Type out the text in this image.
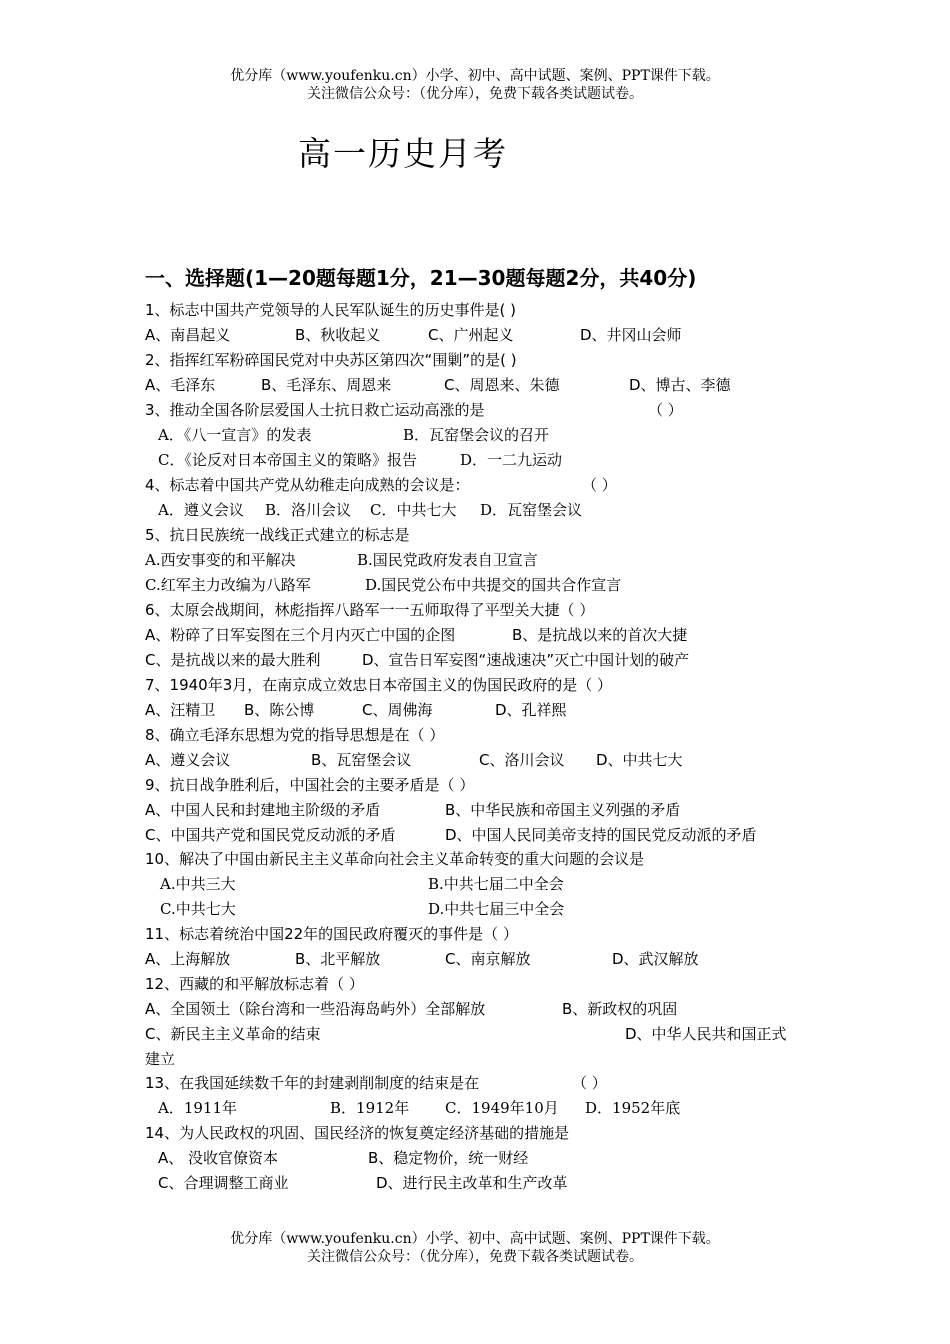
优分库（www.youfenku.cn）小学、初中、高中试题、案例、PPT课件下载。
关注微信公众号：（优分库），免费下载各类试题试卷。
高一历史月考
一、选择题(1—20题每题1分，21—30题每题2分，共40分)
1、标志中国共产党领导的人民军队诞生的历史事件是( )
A、南昌起义	B、秋收起义	C、广州起义	D、井冈山会师
2、指挥红军粉碎国民党对中央苏区第四次“围剿”的是( )
A、毛泽东	B、毛泽东、周恩来	C、周恩来、朱德	D、博古、李德
3、推动全国各阶层爱国人士抗日救亡运动高涨的是	（ ）
A．《八一宣言》的发表	B．瓦窑堡会议的召开
C．《论反对日本帝国主义的策略》报告	D．一二九运动
4、标志着中国共产党从幼稚走向成熟的会议是：	（ ）
A．遵义会议 B．洛川会议 C．中共七大 D．瓦窑堡会议
5、抗日民族统一战线正式建立的标志是
A.西安事变的和平解决	B.国民党政府发表自卫宣言
C.红军主力改编为八路军	D.国民党公布中共提交的国共合作宣言
6、太原会战期间，林彪指挥八路军一一五师取得了平型关大捷（ ）
A、粉碎了日军妄图在三个月内灭亡中国的企图	B、是抗战以来的首次大捷
C、是抗战以来的最大胜利	D、宣告日军妄图“速战速决”灭亡中国计划的破产
7、1940年3月，在南京成立效忠日本帝国主义的伪国民政府的是（ ）
A、汪精卫 B、陈公博	C、周佛海	D、孔祥熙
8、确立毛泽东思想为党的指导思想是在（ ）
A、遵义会议	B、瓦窑堡会议	C、洛川会议 D、中共七大
9、抗日战争胜利后，中国社会的主要矛盾是（ ）
A、中国人民和封建地主阶级的矛盾	B、中华民族和帝国主义列强的矛盾
C、中国共产党和国民党反动派的矛盾	D、中国人民同美帝支持的国民党反动派的矛盾
10、解决了中国由新民主主义革命向社会主义革命转变的重大问题的会议是
A.中共三大	B.中共七届二中全会
C.中共七大	D.中共七届三中全会
11、标志着统治中国22年的国民政府覆灭的事件是（ ）
A、上海解放	B、北平解放	C、南京解放	D、武汉解放
12、西藏的和平解放标志着（ ）
A、全国领土（除台湾和一些沿海岛屿外）全部解放	B、新政权的巩固
C、新民主主义革命的结束	D、中华人民共和国正式
建立
13、在我国延续数千年的封建剥削制度的结束是在	（ ）
A．1911年	B．1912年 C．1949年10月 D．1952年底
14、为人民政权的巩固、国民经济的恢复奠定经济基础的措施是
A、 没收官僚资本	B、稳定物价，统一财经
C、合理调整工商业	D、进行民主改革和生产改革
优分库（www.youfenku.cn）小学、初中、高中试题、案例、PPT课件下载。
关注微信公众号：（优分库），免费下载各类试题试卷。
